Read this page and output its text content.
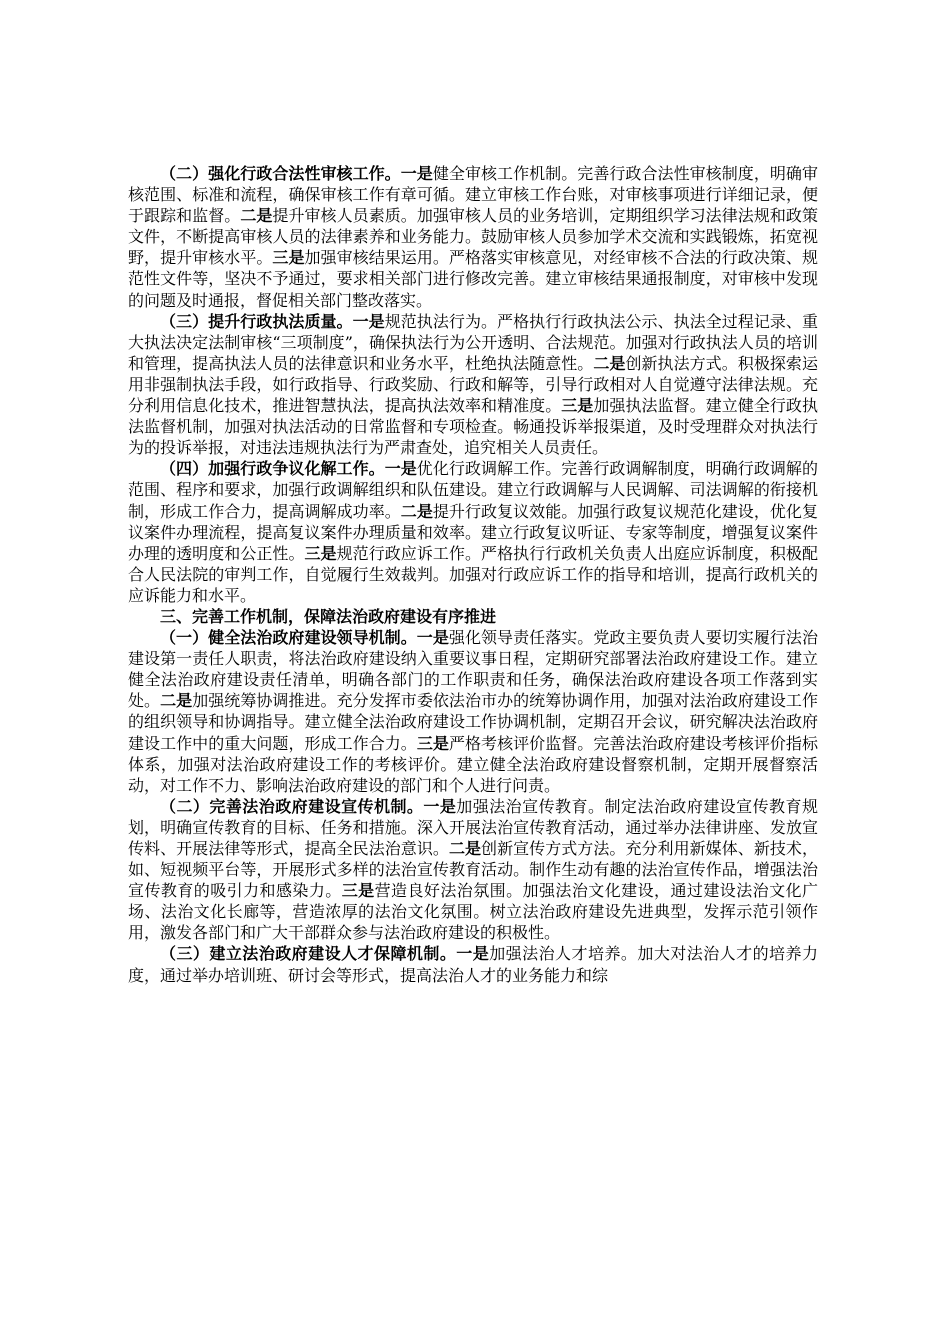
（二）强化行政合法性审核工作。一是健全审核工作机制。完善行政合法性审核制度，明确审核范围、标准和流程，确保审核工作有章可循。建立审核工作台账，对审核事项进行详细记录，便于跟踪和监督。二是提升审核人员素质。加强审核人员的业务培训，定期组织学习法律法规和政策文件，不断提高审核人员的法律素养和业务能力。鼓励审核人员参加学术交流和实践锻炼，拓宽视野，提升审核水平。三是加强审核结果运用。严格落实审核意见，对经审核不合法的行政决策、规范性文件等，坚决不予通过，要求相关部门进行修改完善。建立审核结果通报制度，对审核中发现的问题及时通报，督促相关部门整改落实。

（三）提升行政执法质量。一是规范执法行为。严格执行行政执法公示、执法全过程记录、重大执法决定法制审核“三项制度”，确保执法行为公开透明、合法规范。加强对行政执法人员的培训和管理，提高执法人员的法律意识和业务水平，杜绝执法随意性。二是创新执法方式。积极探索运用非强制执法手段，如行政指导、行政奖励、行政和解等，引导行政相对人自觉遵守法律法规。充分利用信息化技术，推进智慧执法，提高执法效率和精准度。三是加强执法监督。建立健全行政执法监督机制，加强对执法活动的日常监督和专项检查。畅通投诉举报渠道，及时受理群众对执法行为的投诉举报，对违法违规执法行为严肃查处，追究相关人员责任。

（四）加强行政争议化解工作。一是优化行政调解工作。完善行政调解制度，明确行政调解的范围、程序和要求，加强行政调解组织和队伍建设。建立行政调解与人民调解、司法调解的衔接机制，形成工作合力，提高调解成功率。二是提升行政复议效能。加强行政复议规范化建设，优化复议案件办理流程，提高复议案件办理质量和效率。建立行政复议听证、专家等制度，增强复议案件办理的透明度和公正性。三是规范行政应诉工作。严格执行行政机关负责人出庭应诉制度，积极配合人民法院的审判工作，自觉履行生效裁判。加强对行政应诉工作的指导和培训，提高行政机关的应诉能力和水平。

三、完善工作机制，保障法治政府建设有序推进

（一）健全法治政府建设领导机制。一是强化领导责任落实。党政主要负责人要切实履行法治建设第一责任人职责，将法治政府建设纳入重要议事日程，定期研究部署法治政府建设工作。建立健全法治政府建设责任清单，明确各部门的工作职责和任务，确保法治政府建设各项工作落到实处。二是加强统筹协调推进。充分发挥市委依法治市办的统筹协调作用，加强对法治政府建设工作的组织领导和协调指导。建立健全法治政府建设工作协调机制，定期召开会议，研究解决法治政府建设工作中的重大问题，形成工作合力。三是严格考核评价监督。完善法治政府建设考核评价指标体系，加强对法治政府建设工作的考核评价。建立健全法治政府建设督察机制，定期开展督察活动，对工作不力、影响法治政府建设的部门和个人进行问责。

（二）完善法治政府建设宣传机制。一是加强法治宣传教育。制定法治政府建设宣传教育规划，明确宣传教育的目标、任务和措施。深入开展法治宣传教育活动，通过举办法律讲座、发放宣传料、开展法律等形式，提高全民法治意识。二是创新宣传方式方法。充分利用新媒体、新技术，如、短视频平台等，开展形式多样的法治宣传教育活动。制作生动有趣的法治宣传作品，增强法治宣传教育的吸引力和感染力。三是营造良好法治氛围。加强法治文化建设，通过建设法治文化广场、法治文化长廊等，营造浓厚的法治文化氛围。树立法治政府建设先进典型，发挥示范引领作用，激发各部门和广大干部群众参与法治政府建设的积极性。

（三）建立法治政府建设人才保障机制。一是加强法治人才培养。加大对法治人才的培养力度，通过举办培训班、研讨会等形式，提高法治人才的业务能力和综
